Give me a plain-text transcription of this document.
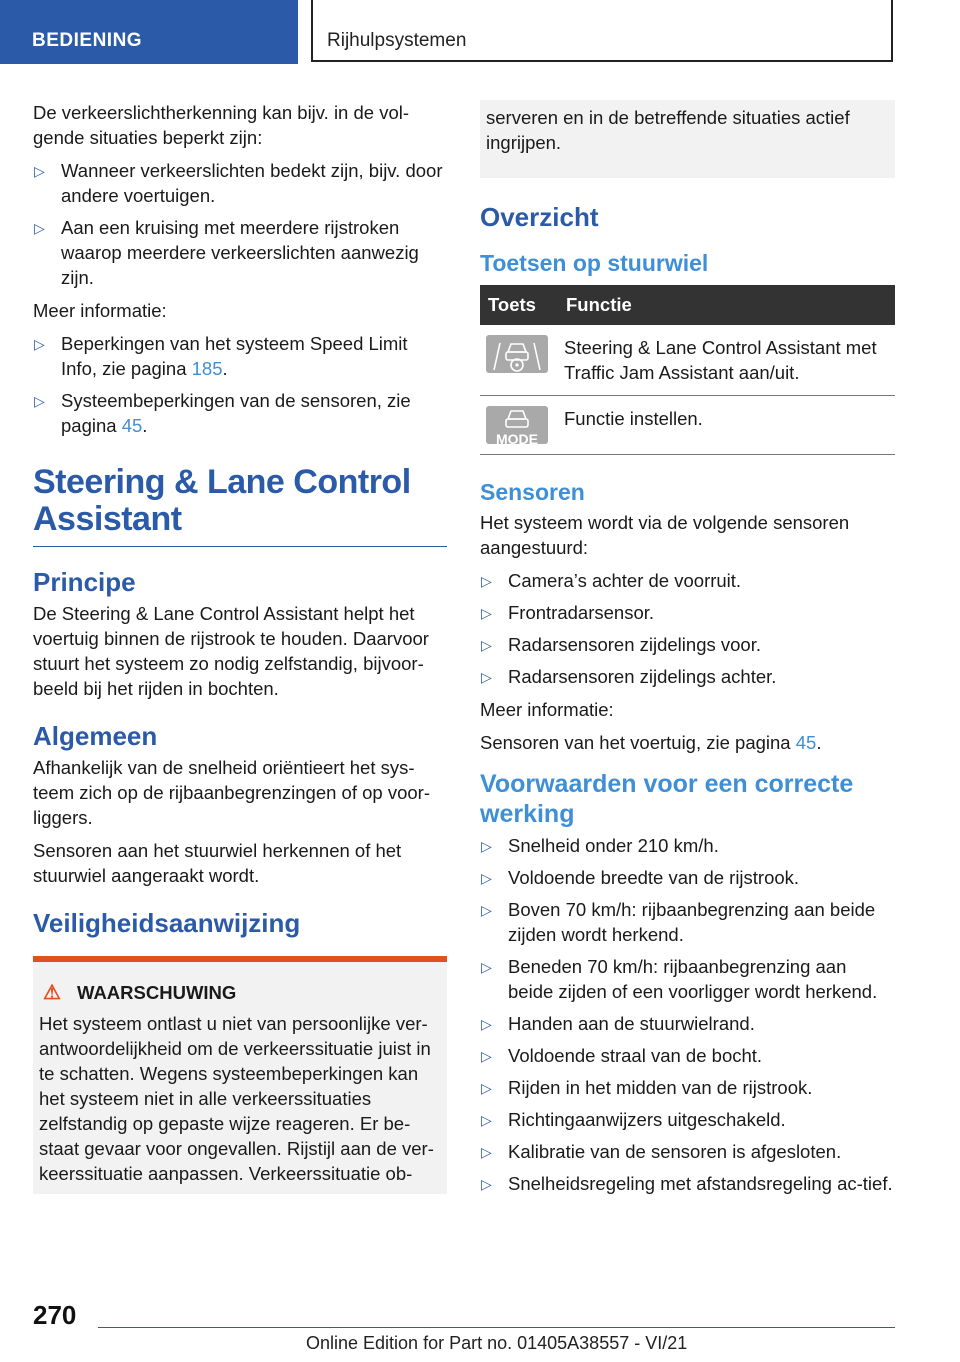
BEDIENING	Rijhulpsystemen

De verkeerslichtherkenning kan bijv. in de vol-gende situaties beperkt zijn:

▷ Wanneer verkeerslichten bedekt zijn, bijv. door andere voertuigen.
▷ Aan een kruising met meerdere rijstroken waarop meerdere verkeerslichten aanwezig zijn.

Meer informatie:

▷ Beperkingen van het systeem Speed Limit Info, zie pagina 185.
▷ Systeembeperkingen van de sensoren, zie pagina 45.
Steering & Lane Control Assistant
Principe

De Steering & Lane Control Assistant helpt het voertuig binnen de rijstrook te houden. Daarvoor stuurt het systeem zo nodig zelfstandig, bijvoor-beeld bij het rijden in bochten.

Algemeen

Afhankelijk van de snelheid oriëntieert het sys-teem zich op de rijbaanbegrenzingen of op voor-liggers.

Sensoren aan het stuurwiel herkennen of het stuurwiel aangeraakt wordt.

Veiligheidsaanwijzing
⚠ WAARSCHUWING

Het systeem ontlast u niet van persoonlijke ver-antwoordelijkheid om de verkeerssituatie juist in te schatten. Wegens systeembeperkingen kan het systeem niet in alle verkeerssituaties zelfstandig op gepaste wijze reageren. Er be-staat gevaar voor ongevallen. Rijstijl aan de ver-keerssituatie aanpassen. Verkeerssituatie ob-

serveren en in de betreffende situaties actief ingrijpen.

Overzicht
Toetsen op stuurwiel
Toets	Functie

	Steering & Lane Control Assistant met Traffic Jam Assistant aan/uit.

MODE	Functie instellen.
Sensoren

Het systeem wordt via de volgende sensoren aangestuurd:

▷ Camera’s achter de voorruit.
▷ Frontradarsensor.
▷ Radarsensoren zijdelings voor.
▷ Radarsensoren zijdelings achter.

Meer informatie:

Sensoren van het voertuig, zie pagina 45.

Voorwaarden voor een correcte werking
▷ Snelheid onder 210 km/h.
▷ Voldoende breedte van de rijstrook.
▷ Boven 70 km/h: rijbaanbegrenzing aan beide zijden wordt herkend.
▷ Beneden 70 km/h: rijbaanbegrenzing aan beide zijden of een voorligger wordt herkend.
▷ Handen aan de stuurwielrand.
▷ Voldoende straal van de bocht.
▷ Rijden in het midden van de rijstrook.
▷ Richtingaanwijzers uitgeschakeld.
▷ Kalibratie van de sensoren is afgesloten.
▷ Snelheidsregeling met afstandsregeling ac-tief.
270
Online Edition for Part no. 01405A38557 - VI/21
